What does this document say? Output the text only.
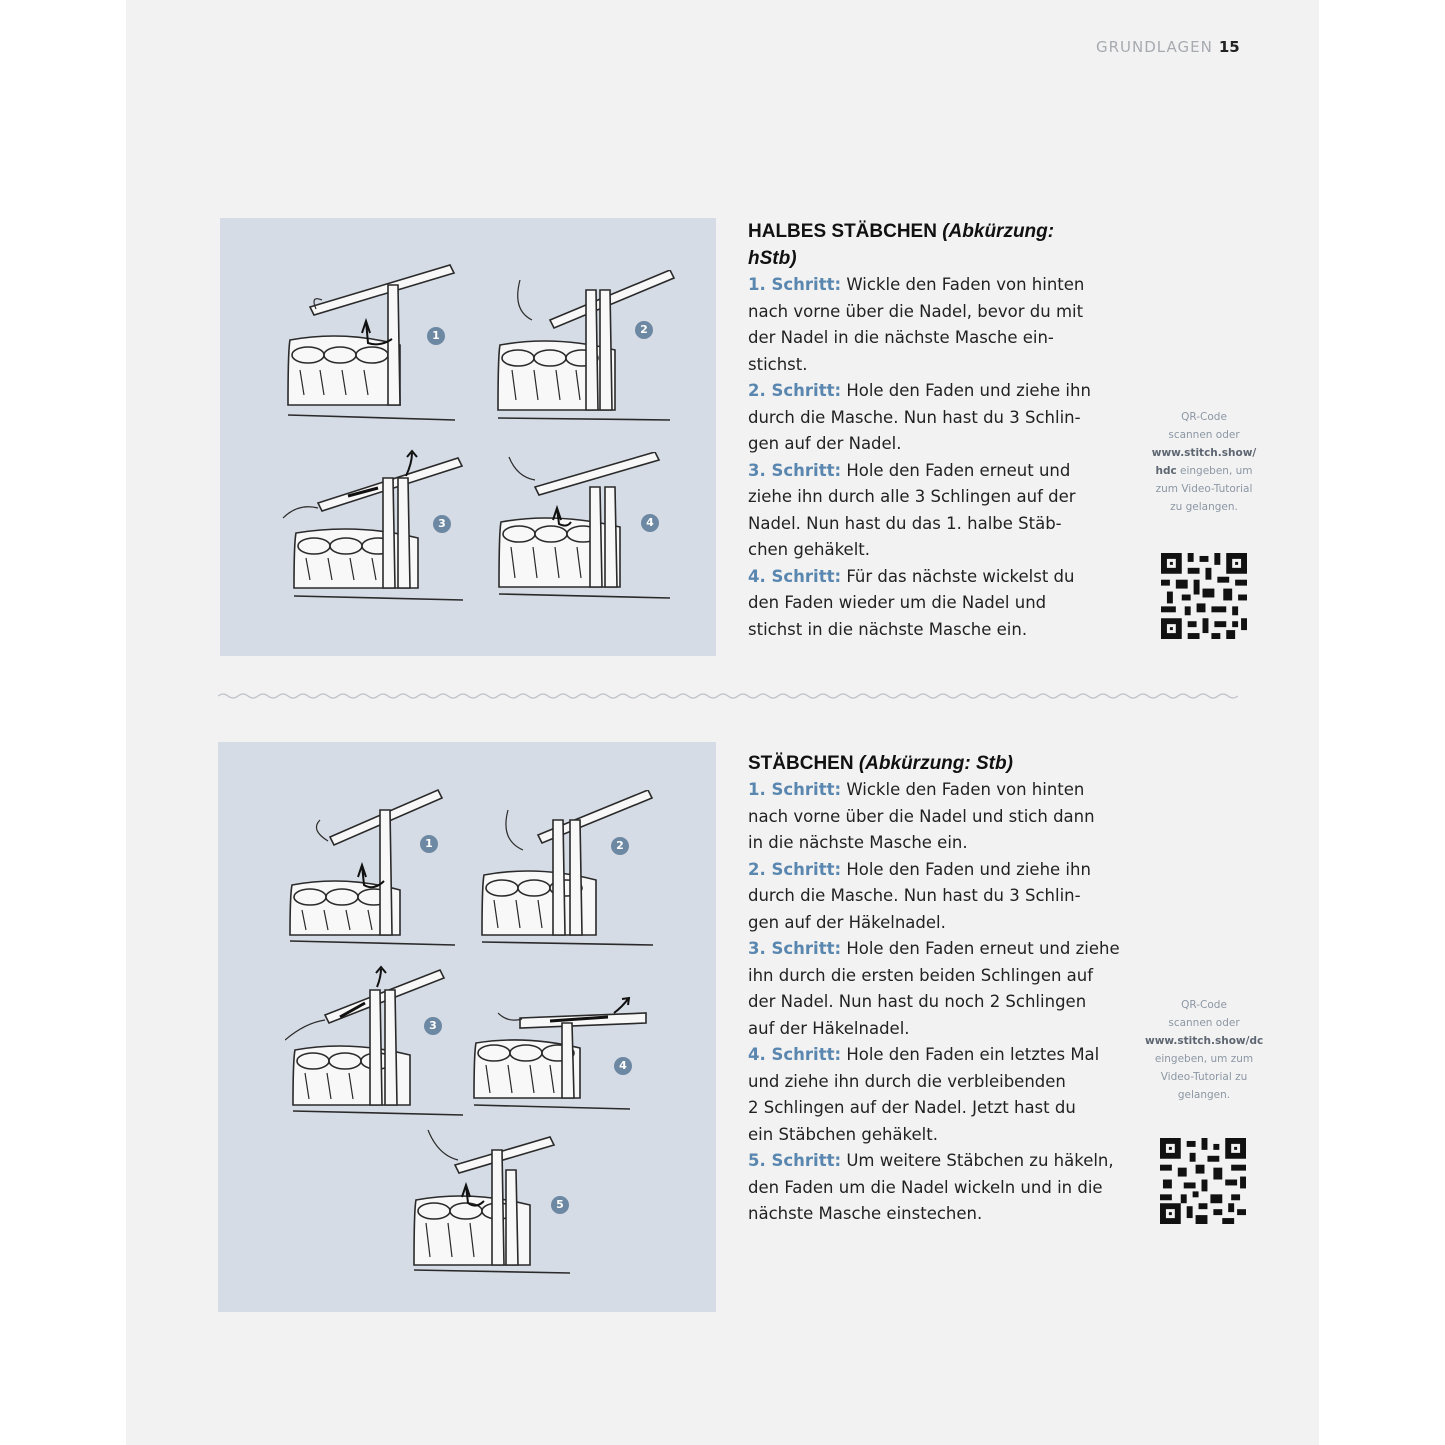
GRUNDLAGEN 15
1	2
3	4
HALBES STÄBCHEN (Abkürzung:
hStb)

1. Schritt: Wickle den Faden von hinten
nach vorne über die Nadel, bevor du mit
der Nadel in die nächste Masche ein-
stichst.

2. Schritt: Hole den Faden und ziehe ihn
durch die Masche. Nun hast du 3 Schlin-
gen auf der Nadel.

3. Schritt: Hole den Faden erneut und
ziehe ihn durch alle 3 Schlingen auf der
Nadel. Nun hast du das 1. halbe Stäb-
chen gehäkelt.

4. Schritt: Für das nächste wickelst du
den Faden wieder um die Nadel und
stichst in die nächste Masche ein.

QR-Code
scannen oder
www.stitch.show/
hdc eingeben, um
zum Video-Tutorial
zu gelangen.
1	2
3
4
5
STÄBCHEN (Abkürzung: Stb)

1. Schritt: Wickle den Faden von hinten
nach vorne über die Nadel und stich dann
in die nächste Masche ein.

2. Schritt: Hole den Faden und ziehe ihn
durch die Masche. Nun hast du 3 Schlin-
gen auf der Häkelnadel.

3. Schritt: Hole den Faden erneut und ziehe
ihn durch die ersten beiden Schlingen auf
der Nadel. Nun hast du noch 2 Schlingen
auf der Häkelnadel.

4. Schritt: Hole den Faden ein letztes Mal
und ziehe ihn durch die verbleibenden
2 Schlingen auf der Nadel. Jetzt hast du
ein Stäbchen gehäkelt.

5. Schritt: Um weitere Stäbchen zu häkeln,
den Faden um die Nadel wickeln und in die
nächste Masche einstechen.

QR-Code
scannen oder
www.stitch.show/dc
eingeben, um zum
Video-Tutorial zu
gelangen.
